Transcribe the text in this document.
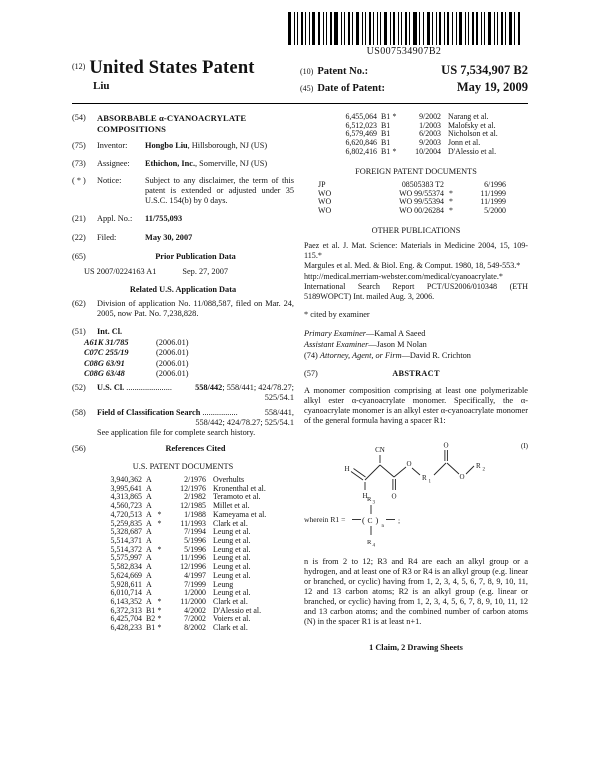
US007534907B2
$^{(12)}$ United States Patent
Liu
(10) Patent No.:	US 7,534,907 B2
(45) Date of Patent:	May 19, 2009
(54)	ABSORBABLE α-CYANOACRYLATE COMPOSITIONS
(75)	Inventor:	Hongbo Liu, Hillsborough, NJ (US)
(73)	Assignee:	Ethichon, Inc., Somerville, NJ (US)
( * )	Notice:	Subject to any disclaimer, the term of this patent is extended or adjusted under 35 U.S.C. 154(b) by 0 days.
(21)	Appl. No.:	11/755,093
(22)	Filed:	May 30, 2007
(65)	Prior Publication Data
US 2007/0224163 A1	Sep. 27, 2007
Related U.S. Application Data
(62)	Division of application No. 11/088,587, filed on Mar. 24, 2005, now Pat. No. 7,238,828.
(51)	Int. Cl.
A61K 31/785	(2006.01)
C07C 255/19	(2006.01)
C08G 63/91	(2006.01)
C08G 63/48	(2006.01)
(52)	U.S. Cl. ......................	558/442; 558/441; 424/78.27;
525/54.1
(58)	Field of Classification Search .................	558/441,
558/442; 424/78.27; 525/54.1
See application file for complete search history.
(56)	References Cited
U.S. PATENT DOCUMENTS
3,940,362 A	2/1976 Overhults
3,995,641 A	12/1976 Kronenthal et al.
4,313,865 A	2/1982 Teramoto et al.
4,560,723 A	12/1985 Millet et al.
4,720,513 A *	1/1988 Kameyama et al.
5,259,835 A *	11/1993 Clark et al.
5,328,687 A	7/1994 Leung et al.
5,514,371 A	5/1996 Leung et al.
5,514,372 A *	5/1996 Leung et al.
5,575,997 A	11/1996 Leung et al.
5,582,834 A	12/1996 Leung et al.
5,624,669 A	4/1997 Leung et al.
5,928,611 A	7/1999 Leung
6,010,714 A	1/2000 Leung et al.
6,143,352 A *	11/2000 Clark et al.
6,372,313 B1 *	4/2002 D'Alessio et al.
6,425,704 B2 *	7/2002 Voiers et al.
6,428,233 B1 *	8/2002 Clark et al.
6,455,064 B1 *	9/2002 Narang et al.
6,512,023 B1	1/2003 Malofsky et al.
6,579,469 B1	6/2003 Nicholson et al.
6,620,846 B1	9/2003 Jonn et al.
6,802,416 B1 *	10/2004 D'Alessio et al.
FOREIGN PATENT DOCUMENTS
JP	08505383 T2	6/1996
WO	WO 99/55374 *	11/1999
WO	WO 99/55394 *	11/1999
WO	WO 00/26284 *	5/2000
OTHER PUBLICATIONS
Paez et al. J. Mat. Science: Materials in Medicine 2004, 15, 109-115.*
Margules et al. Med. & Biol. Eng. & Comput. 1980, 18, 549-553.*
http://medical.merriam-webster.com/medical/cyanoacrylate.*
International Search Report PCT/US2006/010348 (ETH 5189WOPCT) Int. mailed Aug. 3, 2006.
* cited by examiner
Primary Examiner—Kamal A Saeed
Assistant Examiner—Jason M Nolan
(74) Attorney, Agent, or Firm—David R. Crichton
(57)	ABSTRACT
A monomer composition comprising at least one polymerizable alkyl ester α-cyanoacrylate monomer. Specifically, the α-cyanoacrylate monomer is an alkyl ester α-cyanoacrylate monomer of the general formula having a spacer R1:
(I)
H
H
CN
O
O
R 1
O
O
R 2
wherein R1 = (
R 3
C
R 4
)
n
;
n is from 2 to 12; R3 and R4 are each an alkyl group or a hydrogen, and at least one of R3 or R4 is an alkyl group (e.g. linear or branched, or cyclic) having from 1, 2, 3, 4, 5, 6, 7, 8, 9, 10, 11, 12 and 13 carbon atoms; R2 is an alkyl group (e.g. linear or branched, or cyclic) having from 1, 2, 3, 4, 5, 6, 7, 8, 9, 10, 11, 12 and 13 carbon atoms; and the combined number of carbon atoms (N) in the spacer R1 is at least n+1.
1 Claim, 2 Drawing Sheets
